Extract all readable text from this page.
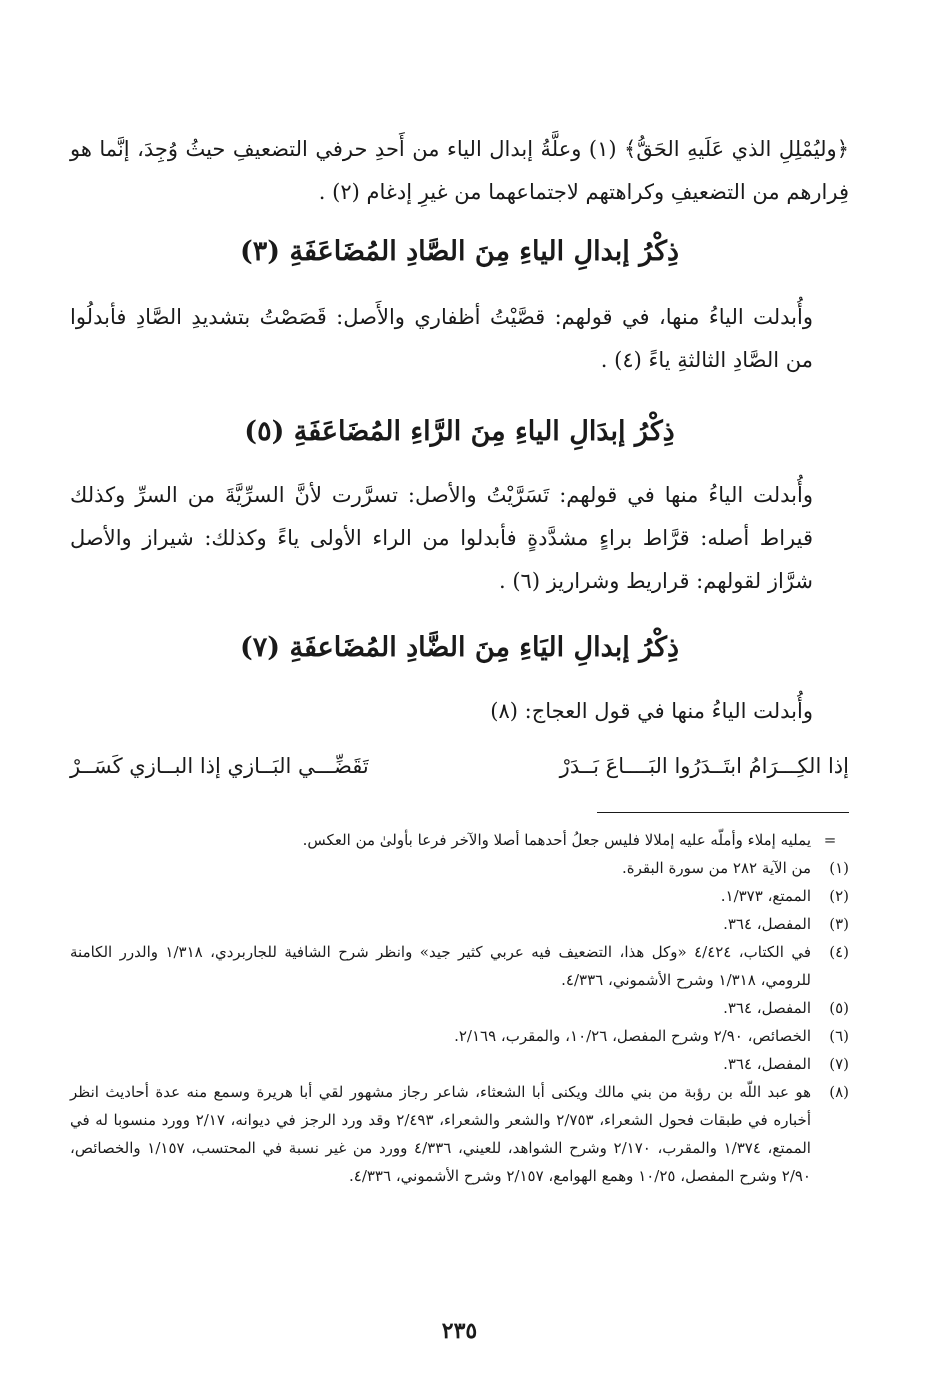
﴿وليُمْلِلِ الذي عَلَيهِ الحَقُّ﴾ (١) وعلَّةُ إبدال الياء من أَحدِ حرفي التضعيفِ حيثُ وُجِدَ، إنَّما هو فِرارهم من التضعيفِ وكراهتهم لاجتماعهما من غيرِ إدغام (٢) .

ذِكْرُ إبدالِ الياءِ مِنَ الصَّادِ المُضَاعَفَةِ (٣)

وأُبدلت الياءُ منها، في قولهم: قصَّيْتُ أظفاري والأَصل: قَصَصْتُ بتشديدِ الصَّادِ فأبدلُوا من الصَّادِ الثالثةِ ياءً (٤) .

ذِكْرُ إبدَالِ الياءِ مِنَ الرَّاءِ المُضَاعَفَةِ (٥)

وأُبدلت الياءُ منها في قولهم: تَسَرَّيْتُ والأصل: تسرَّرت لأنَّ السرِّيَّةَ من السرِّ وكذلك قيراط أصله: قرَّاط براءٍ مشدَّدةٍ فأبدلوا من الراء الأولى ياءً وكذلك: شيراز والأصل شرَّاز لقولهم: قراريط وشراريز (٦) .

ذِكْرُ إبدالِ اليَاءِ مِنَ الضَّادِ المُضَاعفَةِ (٧)

وأُبدلت الياءُ منها في قول العجاج: (٨)

إذا الكِـــرَامُ ابتَــدَرُوا البَــــاعَ بَــدَرْ
تَقَضِّـــي البَــازي إذا البــازي كَسَــرْ
=
يمليه إملاء وأملّه عليه إملالا فليس جعلُ أحدهما أصلا والآخر فرعا بأولىٰ من العكس.
(١)
من الآية ٢٨٢ من سورة البقرة.
(٢)
الممتع، ١/٣٧٣.
(٣)
المفصل، ٣٦٤.
(٤)
في الكتاب، ٤/٤٢٤ «وكل هذا، التضعيف فيه عربي كثير جيد» وانظر شرح الشافية للجاربردي، ١/٣١٨ والدرر الكامنة للرومي، ١/٣١٨ وشرح الأشموني، ٤/٣٣٦.
(٥)
المفصل، ٣٦٤.
(٦)
الخصائص، ٢/٩٠ وشرح المفصل، ١٠/٢٦، والمقرب، ٢/١٦٩.
(٧)
المفصل، ٣٦٤.
(٨)
هو عبد اللّه بن رؤبة من بني مالك ويكنى أبا الشعثاء، شاعر رجاز مشهور لقي أبا هريرة وسمع منه عدة أحاديث انظر أخباره في طبقات فحول الشعراء، ٢/٧٥٣ والشعر والشعراء، ٢/٤٩٣ وقد ورد الرجز في ديوانه، ٢/١٧ وورد منسوبا له في الممتع، ١/٣٧٤ والمقرب، ٢/١٧٠ وشرح الشواهد، للعيني، ٤/٣٣٦ وورد من غير نسبة في المحتسب، ١/١٥٧ والخصائص، ٢/٩٠ وشرح المفصل، ١٠/٢٥ وهمع الهوامع، ٢/١٥٧ وشرح الأشموني، ٤/٣٣٦.
٢٣٥
